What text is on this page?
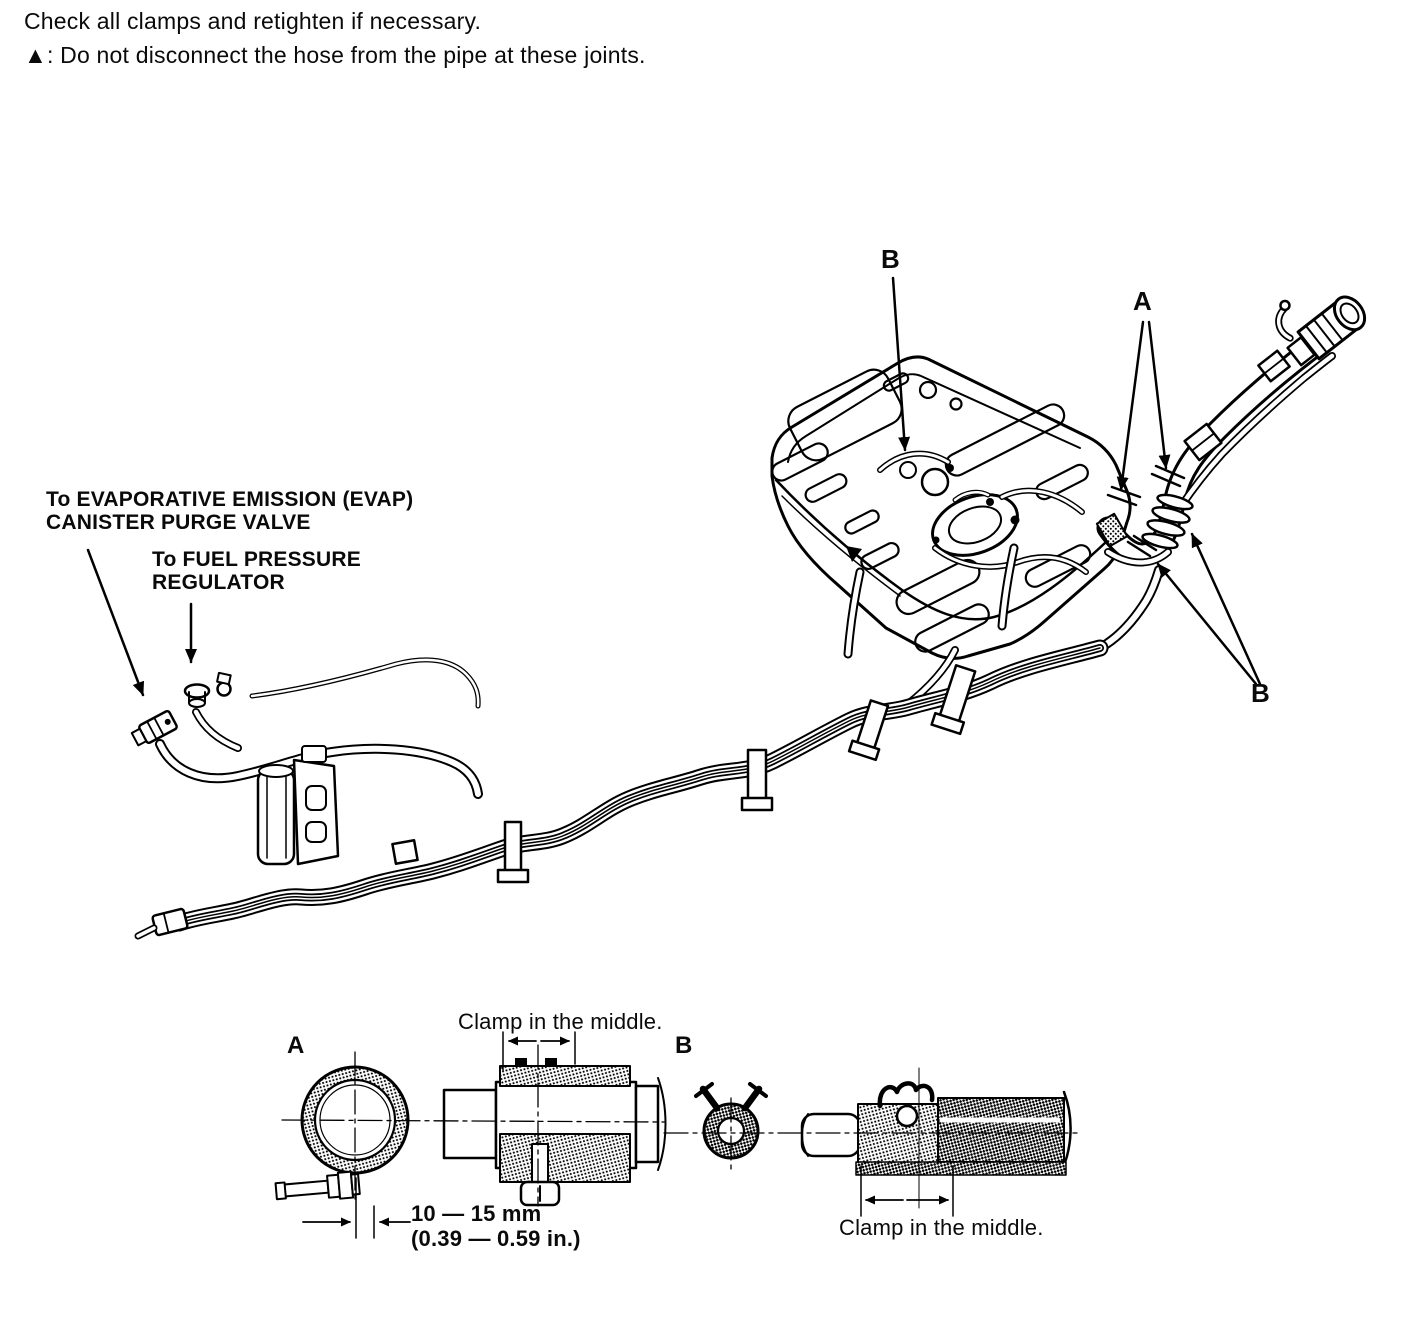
Check all clamps and retighten if necessary.
▲: Do not disconnect the hose from the pipe at these joints.
To EVAPORATIVE EMISSION (EVAP)
CANISTER PURGE VALVE
To FUEL PRESSURE
REGULATOR
B
A
B
A
Clamp in the middle.
10 — 15 mm
(0.39 — 0.59 in.)
B
Clamp in the middle.
